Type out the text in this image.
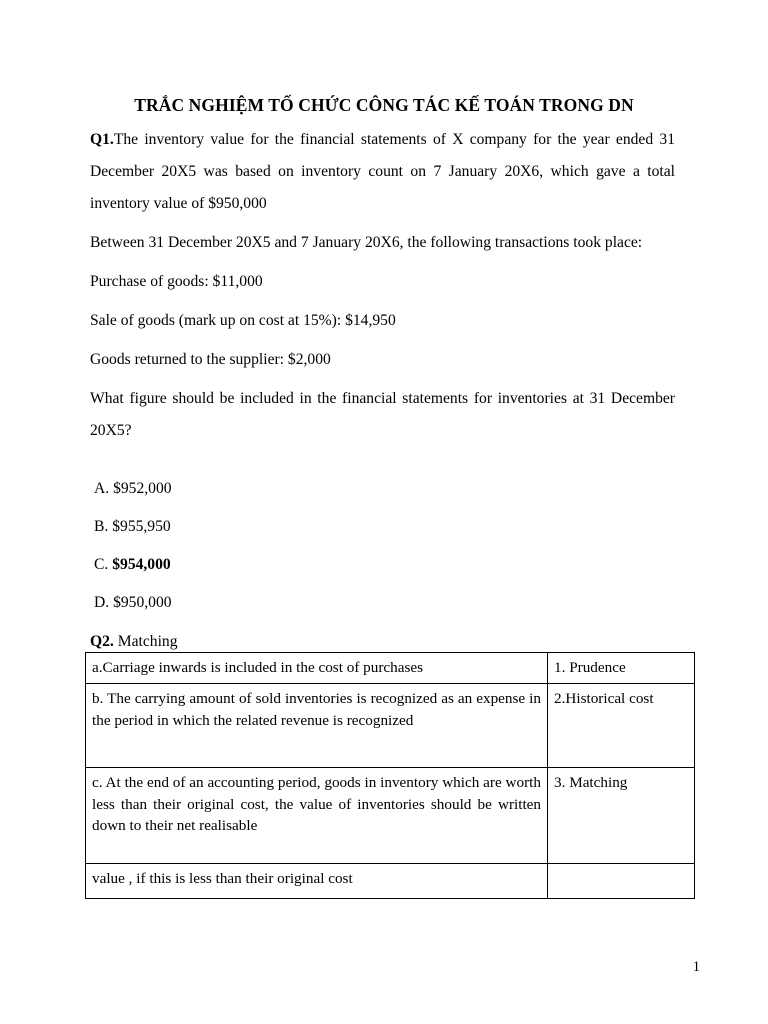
TRẮC NGHIỆM TỐ CHỨC CÔNG TÁC KẾ TOÁN TRONG DN

Q1.The inventory value for the financial statements of X company for the year ended 31 December 20X5 was based on inventory count on 7 January 20X6, which gave a total inventory value of $950,000

Between 31 December 20X5 and 7 January 20X6, the following transactions took place:

Purchase of goods: $11,000

Sale of goods (mark up on cost at 15%): $14,950

Goods returned to the supplier: $2,000

What figure should be included in the financial statements for inventories at 31 December 20X5?

A. $952,000

B. $955,950

C. $954,000

D. $950,000

Q2. Matching
a.Carriage inwards is included in the cost of purchases	1. Prudence
b. The carrying amount of sold inventories is recognized as an expense in the period in which the related revenue is recognized	2.Historical cost
c. At the end of an accounting period, goods in inventory which are worth less than their original cost, the value of inventories should be written down to their net realisable	3. Matching
value , if this is less than their original cost	
1
